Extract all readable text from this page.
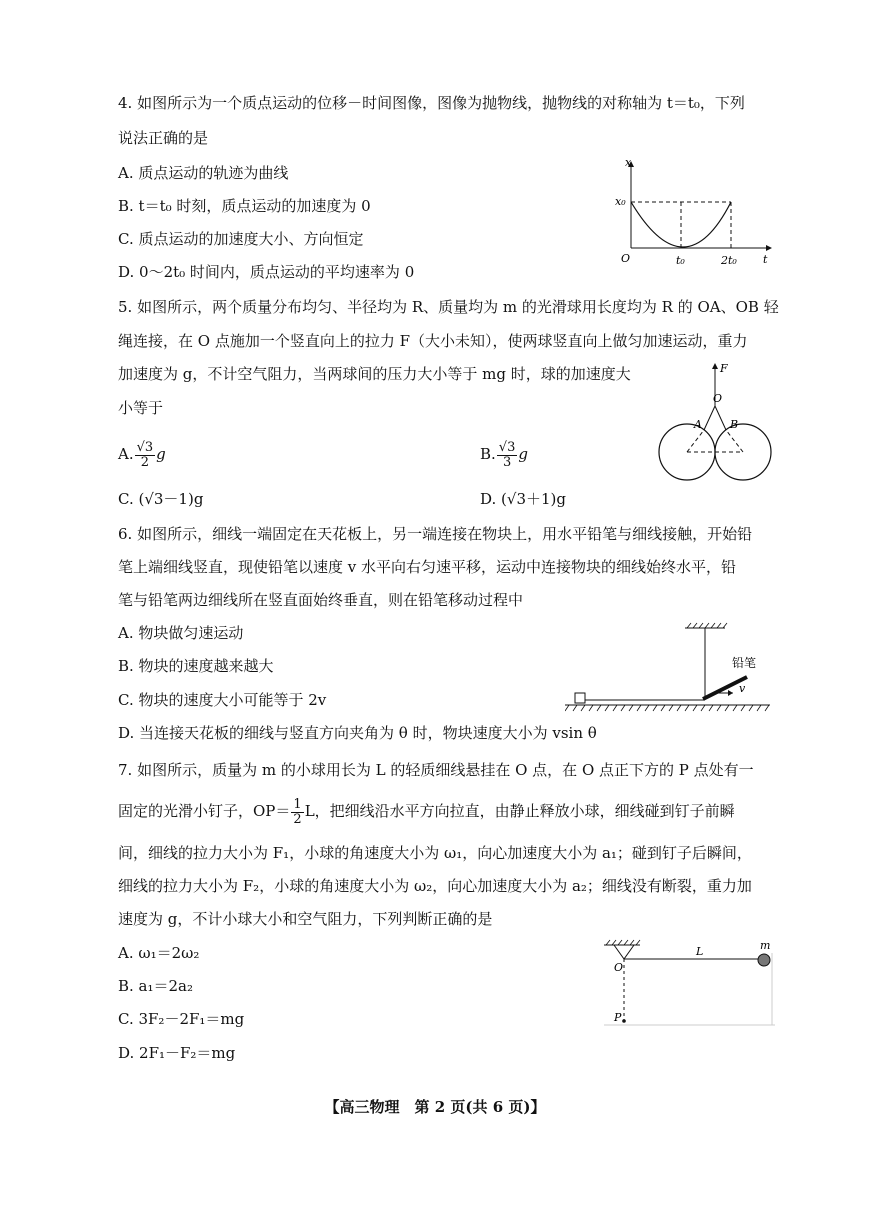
4. 如图所示为一个质点运动的位移－时间图像，图像为抛物线，抛物线的对称轴为 t＝t₀，下列
说法正确的是
A. 质点运动的轨迹为曲线
B. t＝t₀ 时刻，质点运动的加速度为 0
C. 质点运动的加速度大小、方向恒定
D. 0～2t₀ 时间内，质点运动的平均速率为 0
x
t
x₀
O	t₀	2t₀
5. 如图所示，两个质量分布均匀、半径均为 R、质量均为 m 的光滑球用长度均为 R 的 OA、OB 轻
绳连接，在 O 点施加一个竖直向上的拉力 F（大小未知），使两球竖直向上做匀加速运动，重力
加速度为 g，不计空气阻力，当两球间的压力大小等于 mg 时，球的加速度大
小等于
A. $\frac{√3}{2}$ g	B. $\frac{√3}{3}$ g
C. (√3－1)g	D. (√3＋1)g
F
O
A	B
6. 如图所示，细线一端固定在天花板上，另一端连接在物块上，用水平铅笔与细线接触，开始铅
笔上端细线竖直，现使铅笔以速度 v 水平向右匀速平移，运动中连接物块的细线始终水平，铅
笔与铅笔两边细线所在竖直面始终垂直，则在铅笔移动过程中
A. 物块做匀速运动
B. 物块的速度越来越大
C. 物块的速度大小可能等于 2v
D. 当连接天花板的细线与竖直方向夹角为 θ 时，物块速度大小为 vsin θ
铅笔
v
7. 如图所示，质量为 m 的小球用长为 L 的轻质细线悬挂在 O 点，在 O 点正下方的 P 点处有一
固定的光滑小钉子，$OP= \frac{1}{2}$ L，把细线沿水平方向拉直，由静止释放小球，细线碰到钉子前瞬
间，细线的拉力大小为 F₁，小球的角速度大小为 ω₁，向心加速度大小为 a₁；碰到钉子后瞬间，
细线的拉力大小为 F₂，小球的角速度大小为 ω₂，向心加速度大小为 a₂；细线没有断裂，重力加
速度为 g，不计小球大小和空气阻力，下列判断正确的是
A. ω₁＝2ω₂
B. a₁＝2a₂
C. 3F₂－2F₁＝mg
D. 2F₁－F₂＝mg
O
L	m
P
【高三物理　第 2 页(共 6 页)】
